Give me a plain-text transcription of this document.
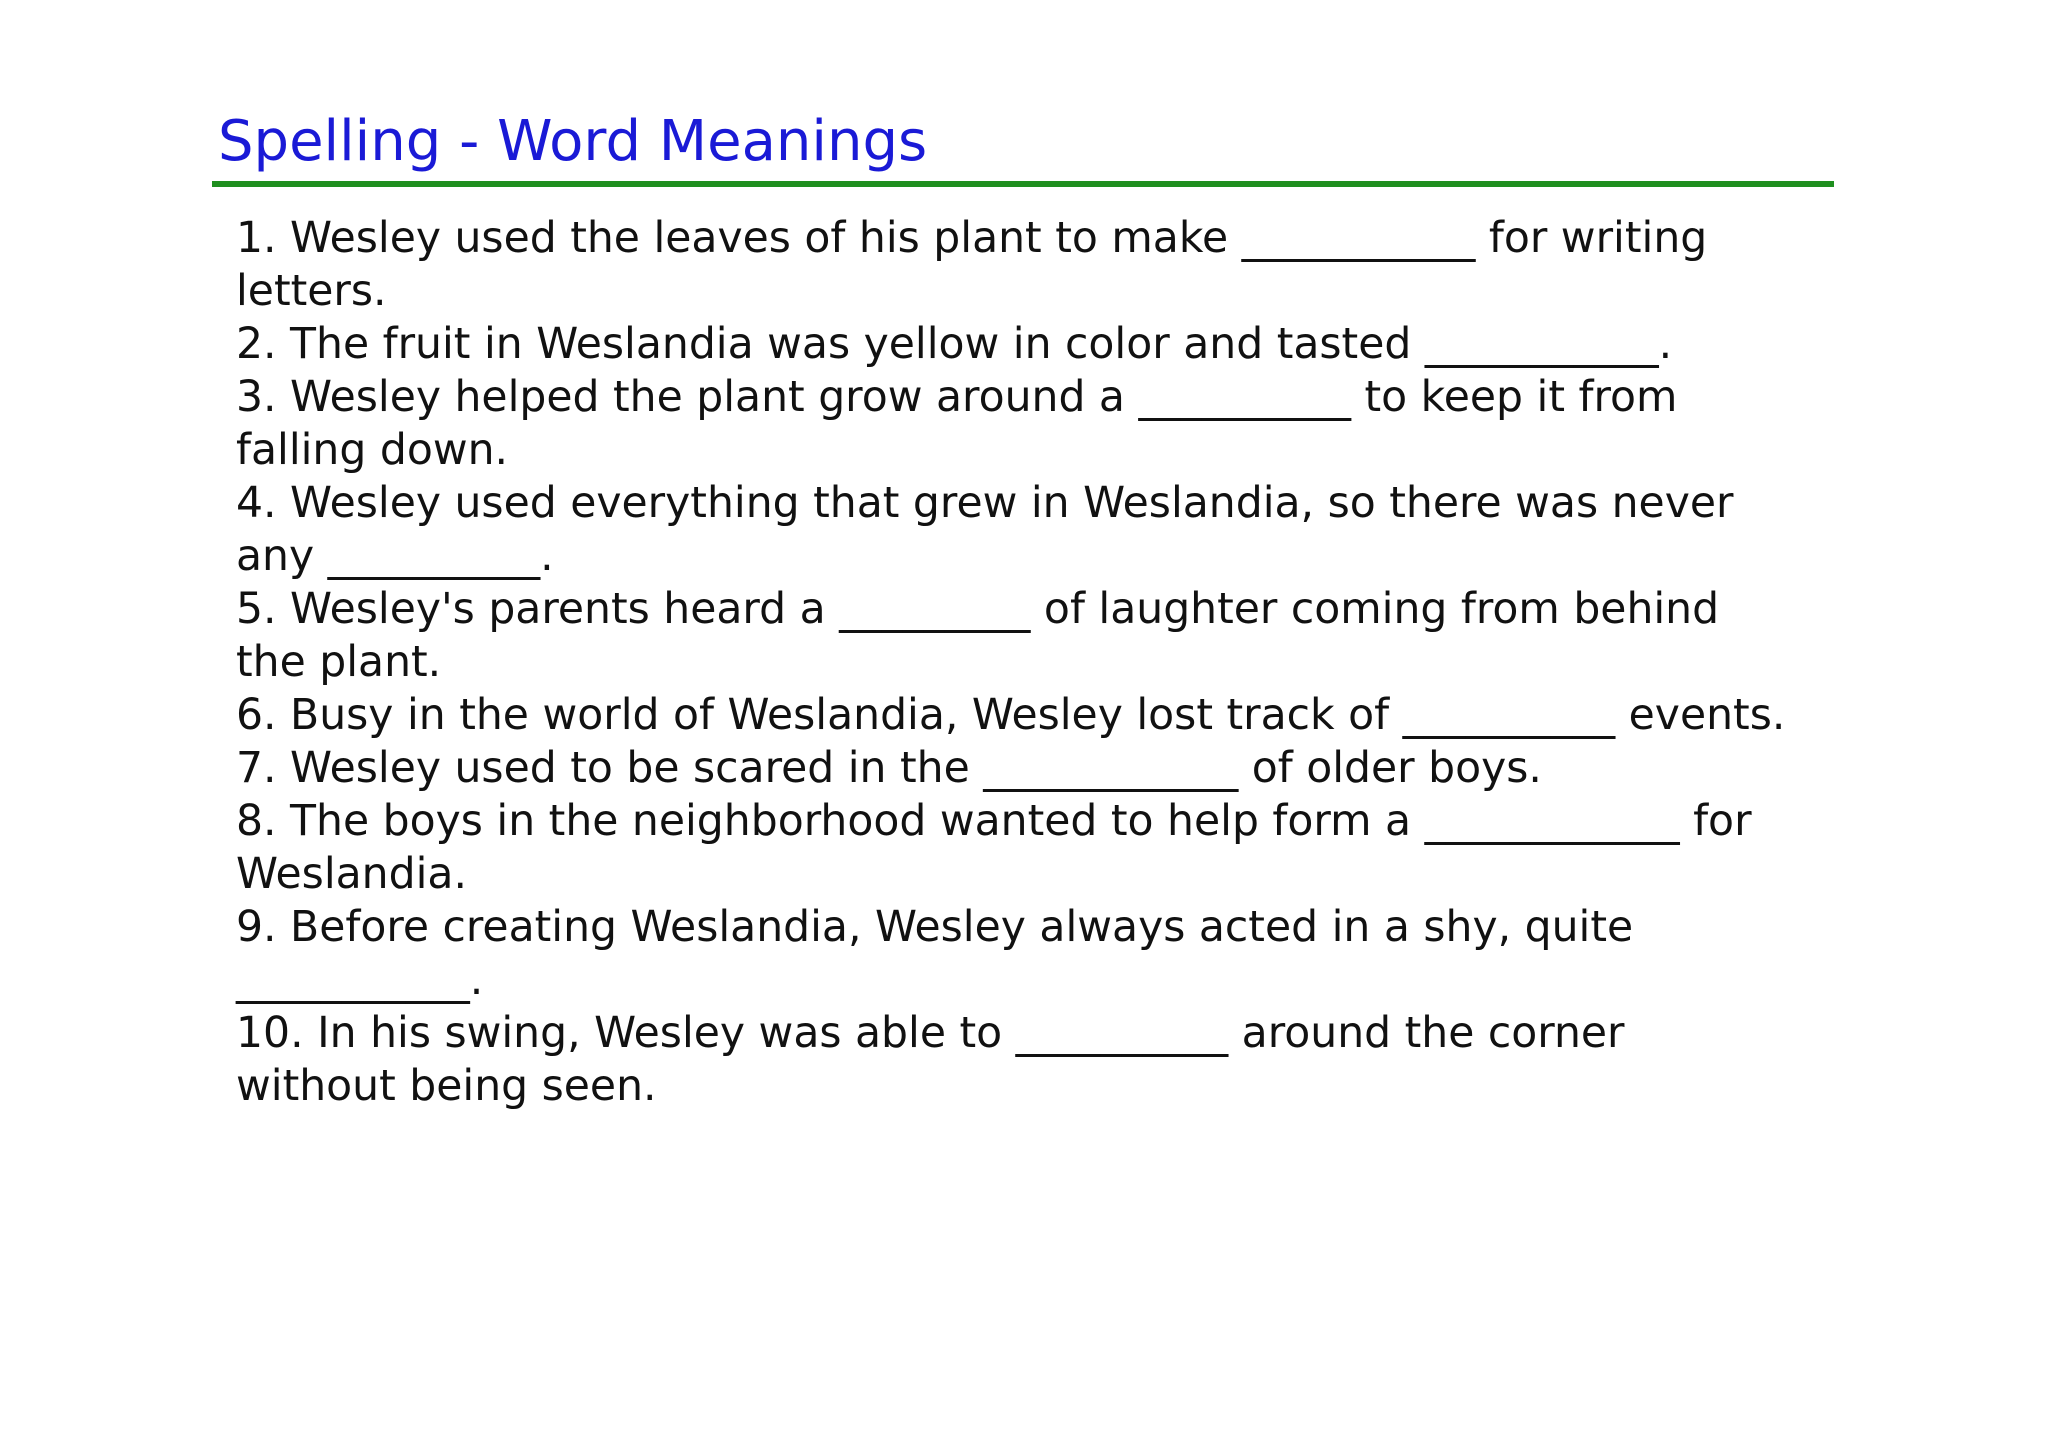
Spelling - Word Meanings
1. Wesley used the leaves of his plant to make ___________ for writing letters.
2. The fruit in Weslandia was yellow in color and tasted ___________.
3. Wesley helped the plant grow around a __________ to keep it from falling down.
4. Wesley used everything that grew in Weslandia, so there was never any __________.
5. Wesley's parents heard a _________ of laughter coming from behind the plant.
6. Busy in the world of Weslandia, Wesley lost track of __________ events.
7. Wesley used to be scared in the ____________ of older boys.
8. The boys in the neighborhood wanted to help form a ____________ for Weslandia.
9. Before creating Weslandia, Wesley always acted in a shy, quite ___________.
10. In his swing, Wesley was able to __________ around the corner without being seen.
